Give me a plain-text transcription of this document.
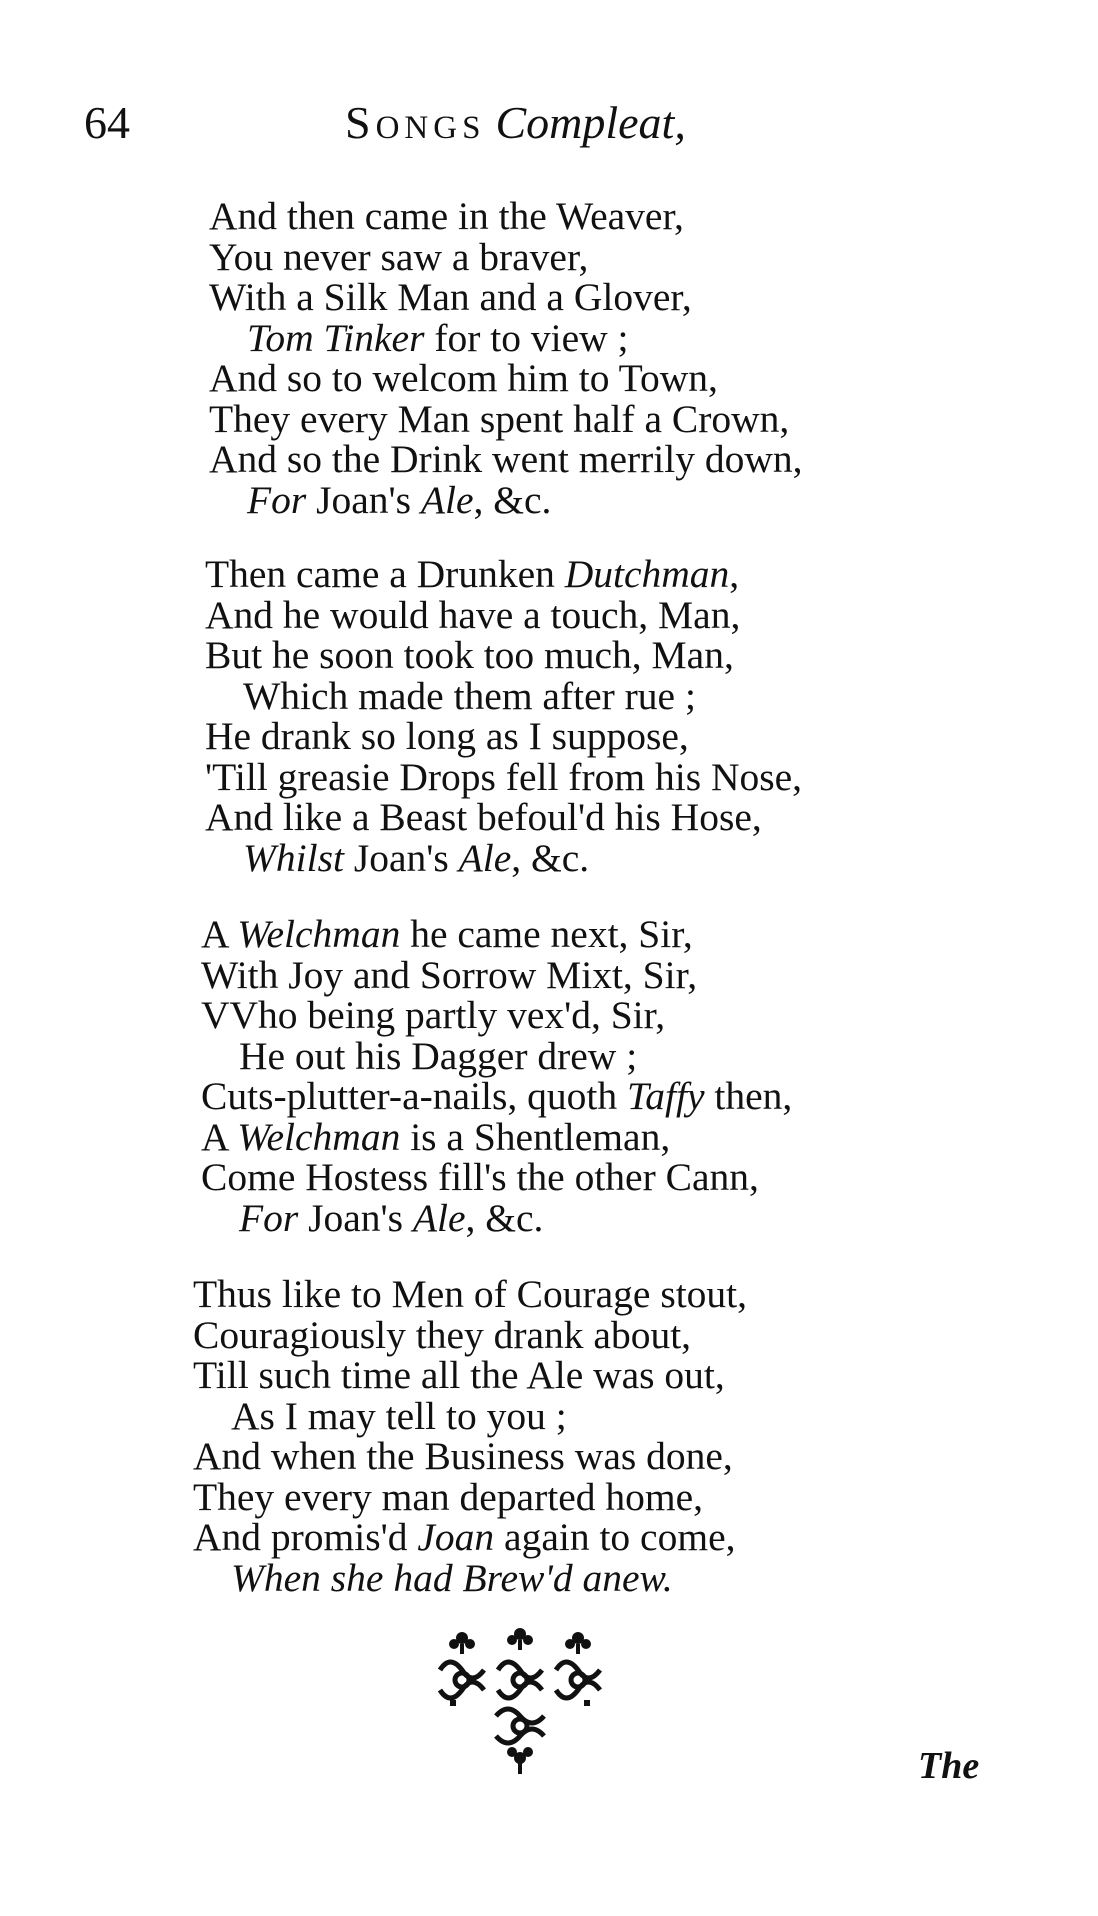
64	SONGS Compleat,
And then came in the Weaver,
You never saw a braver,
With a Silk Man and a Glover,
Tom Tinker for to view ;
And so to welcom him to Town,
They every Man spent half a Crown,
And so the Drink went merrily down,
For Joan's Ale, &c.
Then came a Drunken Dutchman,
And he would have a touch, Man,
But he soon took too much, Man,
Which made them after rue ;
He drank so long as I suppose,
'Till greasie Drops fell from his Nose,
And like a Beast befoul'd his Hose,
Whilst Joan's Ale, &c.
A Welchman he came next, Sir,
With Joy and Sorrow Mixt, Sir,
VVho being partly vex'd, Sir,
He out his Dagger drew ;
Cuts-plutter-a-nails, quoth Taffy then,
A Welchman is a Shentleman,
Come Hostess fill's the other Cann,
For Joan's Ale, &c.
Thus like to Men of Courage stout,
Couragiously they drank about,
Till such time all the Ale was out,
As I may tell to you ;
And when the Business was done,
They every man departed home,
And promis'd Joan again to come,
When she had Brew'd anew.
The
